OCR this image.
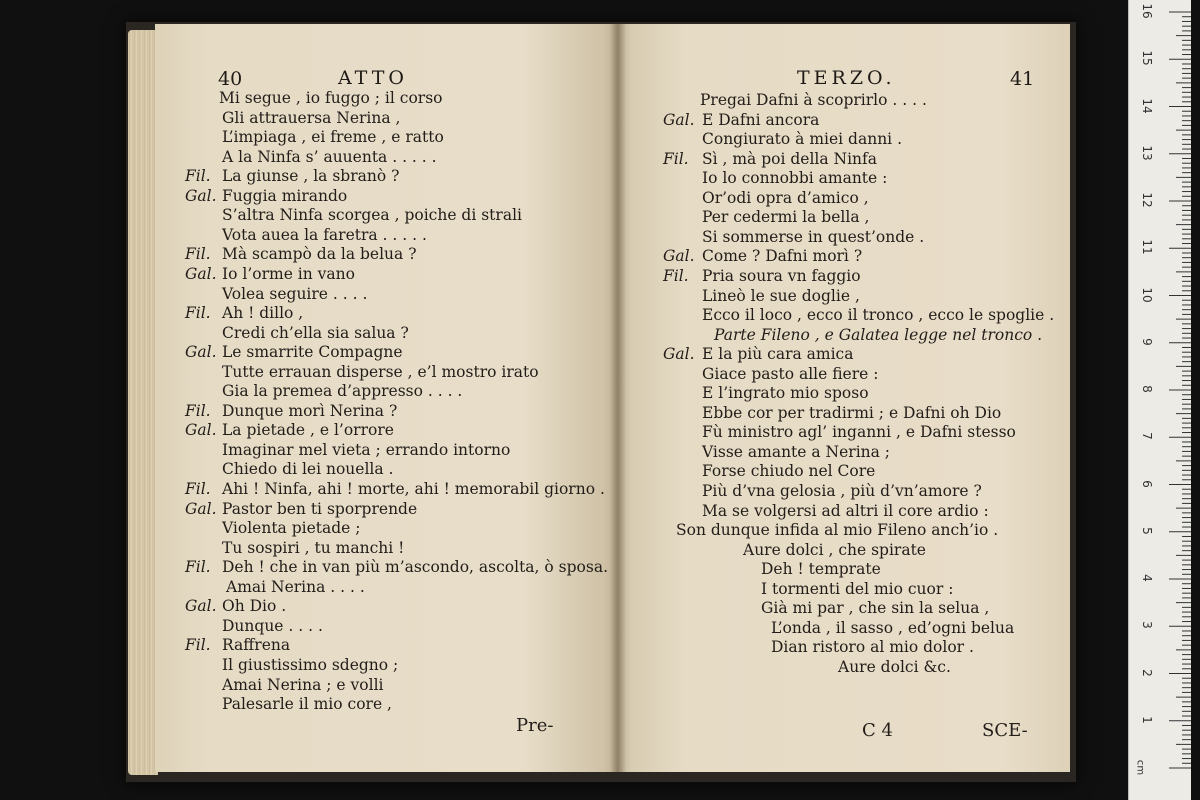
40	ATTO	TERZO.	41
Mi segue , io fuggo ; il corso
Gli attrauersa Nerina ,
L’impiaga , ei freme , e ratto
A la Ninfa s’ auuenta . . . . .
Fil. La giunse , la sbranò ?
Gal. Fuggia mirando
S’altra Ninfa scorgea , poiche di strali
Vota auea la faretra . . . . .
Fil. Mà scampò da la belua ?
Gal. Io l’orme in vano
Volea seguire . . . .
Fil. Ah ! dillo ,
Credi ch’ella sia salua ?
Gal. Le smarrite Compagne
Tutte errauan disperse , e’l mostro irato
Gia la premea d’appresso . . . .
Fil. Dunque morì Nerina ?
Gal. La pietade , e l’orrore
Imaginar mel vieta ; errando intorno
Chiedo di lei nouella .
Fil. Ahi ! Ninfa, ahi ! morte, ahi ! memorabil giorno .
Gal. Pastor ben ti sporprende
Violenta pietade ;
Tu sospiri , tu manchi !
Fil. Deh ! che in van più m’ascondo, ascolta, ò sposa.
Amai Nerina . . . .
Gal. Oh Dio .
Dunque . . . .
Fil. Raffrena
Il giustissimo sdegno ;
Amai Nerina ; e volli
Palesarle il mio core ,
Pregai Dafni à scoprirlo . . . .
Gal. E Dafni ancora
Congiurato à miei danni .
Fil. Sì , mà poi della Ninfa
Io lo connobbi amante :
Or’odi opra d’amico ,
Per cedermi la bella ,
Si sommerse in quest’onde .
Gal. Come ? Dafni morì ?
Fil. Pria soura vn faggio
Lineò le sue doglie ,
Ecco il loco , ecco il tronco , ecco le spoglie .
Parte Fileno , e Galatea legge nel tronco .
Gal. E la più cara amica
Giace pasto alle fiere :
E l’ingrato mio sposo
Ebbe cor per tradirmi ; e Dafni oh Dio
Fù ministro agl’ inganni , e Dafni stesso
Visse amante a Nerina ;
Forse chiudo nel Core
Più d’vna gelosia , più d’vn’amore ?
Ma se volgersi ad altri il core ardio :
Son dunque infida al mio Fileno anch’io .
Aure dolci , che spirate
Deh ! temprate
I tormenti del mio cuor :
Già mi par , che sin la selua ,
L’onda , il sasso , ed’ogni belua
Dian ristoro al mio dolor .
Aure dolci &c.
Pre-	C 4	SCE-
1
2
3
4
5
6
7
8
9
10
11
12
13
14
15
16
cm
